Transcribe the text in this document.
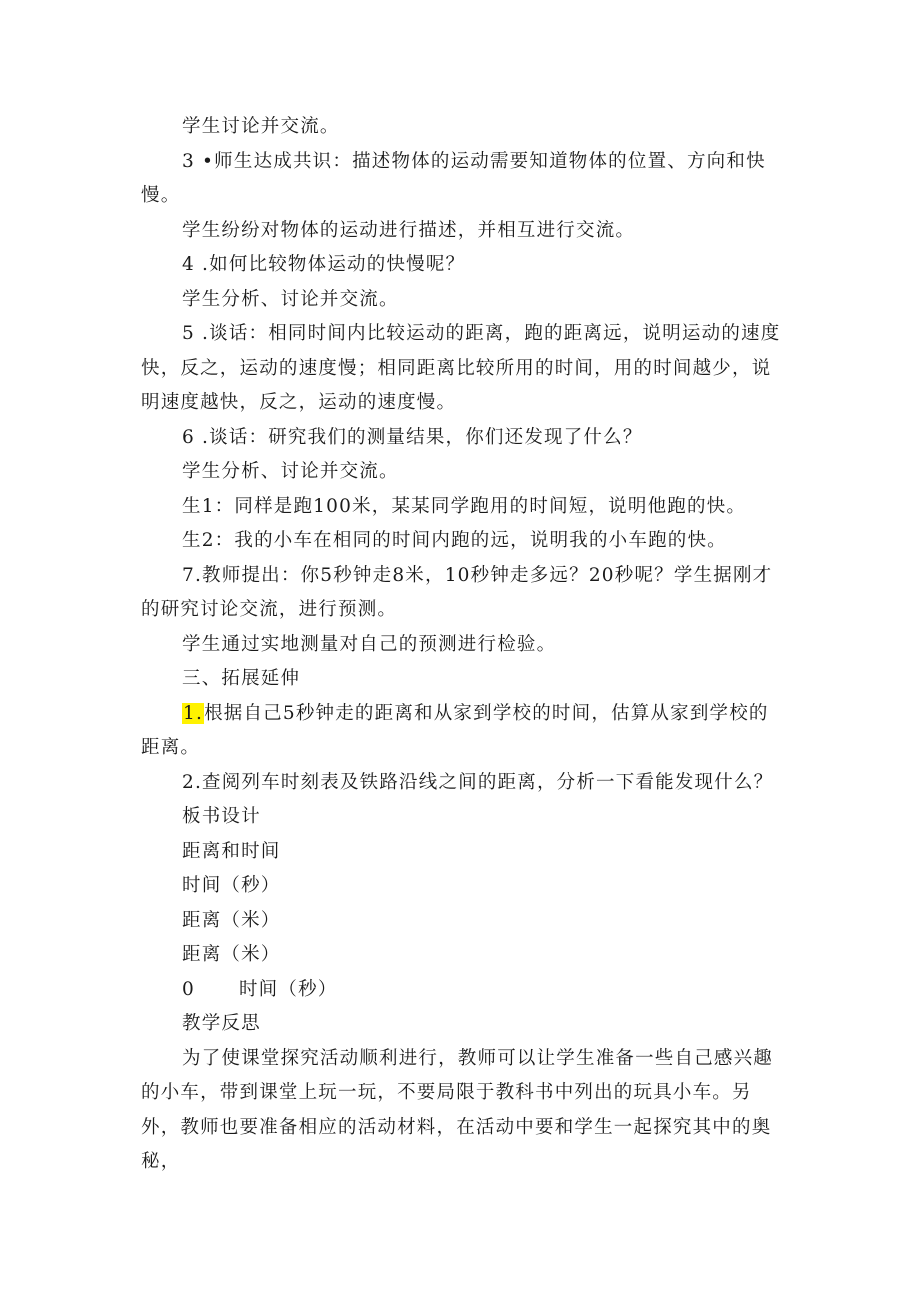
学生讨论并交流。

3 •师生达成共识：描述物体的运动需要知道物体的位置、方向和快慢。

学生纷纷对物体的运动进行描述，并相互进行交流。

4 .如何比较物体运动的快慢呢？

学生分析、讨论并交流。

5 .谈话：相同时间内比较运动的距离，跑的距离远，说明运动的速度快，反之，运动的速度慢；相同距离比较所用的时间，用的时间越少，说明速度越快，反之，运动的速度慢。

6 .谈话：研究我们的测量结果，你们还发现了什么？

学生分析、讨论并交流。

生1：同样是跑100米，某某同学跑用的时间短，说明他跑的快。

生2：我的小车在相同的时间内跑的远，说明我的小车跑的快。

7.教师提出：你5秒钟走8米，10秒钟走多远？20秒呢？学生据刚才的研究讨论交流，进行预测。

学生通过实地测量对自己的预测进行检验。

三、拓展延伸

1.根据自己5秒钟走的距离和从家到学校的时间，估算从家到学校的距离。

2.查阅列车时刻表及铁路沿线之间的距离，分析一下看能发现什么？

板书设计

距离和时间

时间（秒）

距离（米）

距离（米）

0 时间（秒）

教学反思

为了使课堂探究活动顺利进行，教师可以让学生准备一些自己感兴趣的小车，带到课堂上玩一玩，不要局限于教科书中列出的玩具小车。另外，教师也要准备相应的活动材料，在活动中要和学生一起探究其中的奥秘，
